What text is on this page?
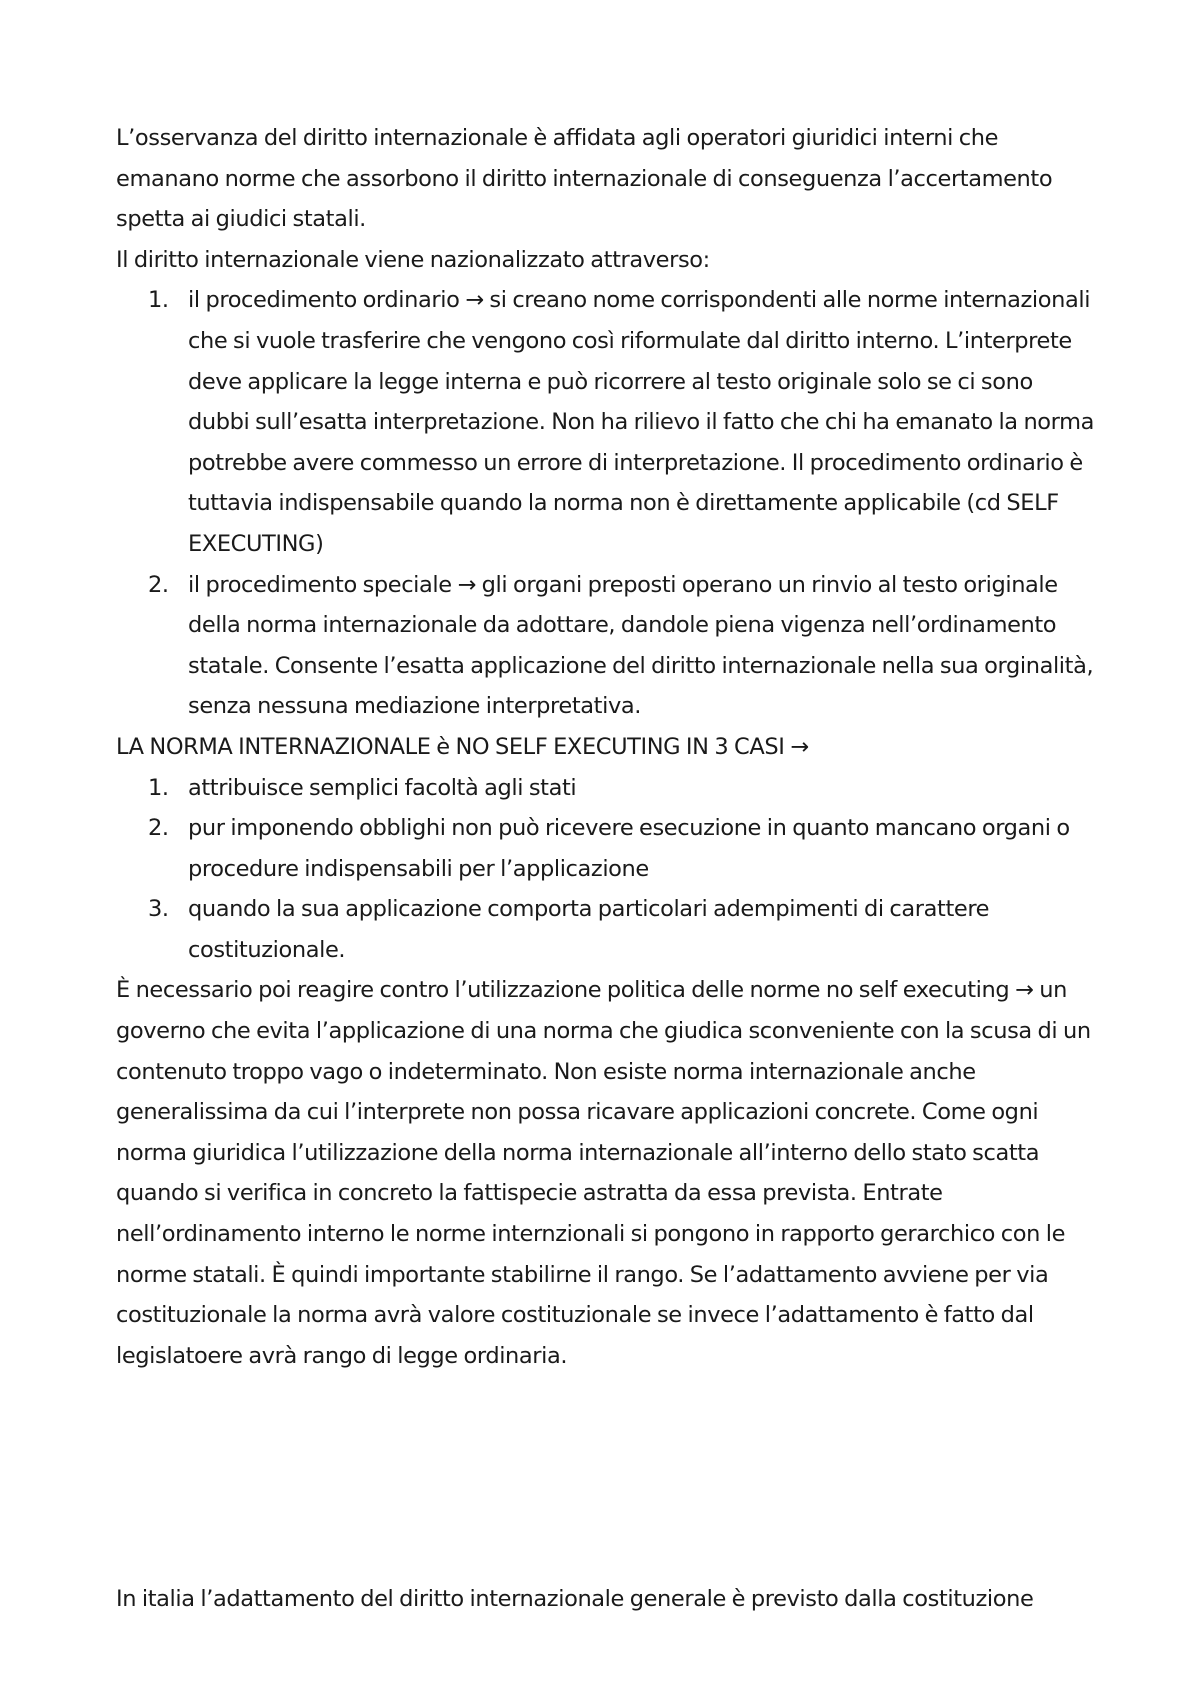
L’osservanza del diritto internazionale è affidata agli operatori giuridici interni che emanano norme che assorbono il diritto internazionale di conseguenza l’accertamento spetta ai giudici statali.

Il diritto internazionale viene nazionalizzato attraverso:

1. il procedimento ordinario → si creano nome corrispondenti alle norme internazionali che si vuole trasferire che vengono così riformulate dal diritto interno. L’interprete deve applicare la legge interna e può ricorrere al testo originale solo se ci sono dubbi sull’esatta interpretazione. Non ha rilievo il fatto che chi ha emanato la norma potrebbe avere commesso un errore di interpretazione. Il procedimento ordinario è tuttavia indispensabile quando la norma non è direttamente applicabile (cd SELF EXECUTING)
2. il procedimento speciale → gli organi preposti operano un rinvio al testo originale della norma internazionale da adottare, dandole piena vigenza nell’ordinamento statale. Consente l’esatta applicazione del diritto internazionale nella sua orginalità, senza nessuna mediazione interpretativa.

LA NORMA INTERNAZIONALE è NO SELF EXECUTING IN 3 CASI →

1. attribuisce semplici facoltà agli stati
2. pur imponendo obblighi non può ricevere esecuzione in quanto mancano organi o procedure indispensabili per l’applicazione
3. quando la sua applicazione comporta particolari adempimenti di carattere costituzionale.

È necessario poi reagire contro l’utilizzazione politica delle norme no self executing → un governo che evita l’applicazione di una norma che giudica sconveniente con la scusa di un contenuto troppo vago o indeterminato. Non esiste norma internazionale anche generalissima da cui l’interprete non possa ricavare applicazioni concrete. Come ogni norma giuridica l’utilizzazione della norma internazionale all’interno dello stato scatta quando si verifica in concreto la fattispecie astratta da essa prevista. Entrate nell’ordinamento interno le norme internzionali si pongono in rapporto gerarchico con le norme statali. È quindi importante stabilirne il rango. Se l’adattamento avviene per via costituzionale la norma avrà valore costituzionale se invece l’adattamento è fatto dal legislatoere avrà rango di legge ordinaria.

In italia l’adattamento del diritto internazionale generale è previsto dalla costituzione
